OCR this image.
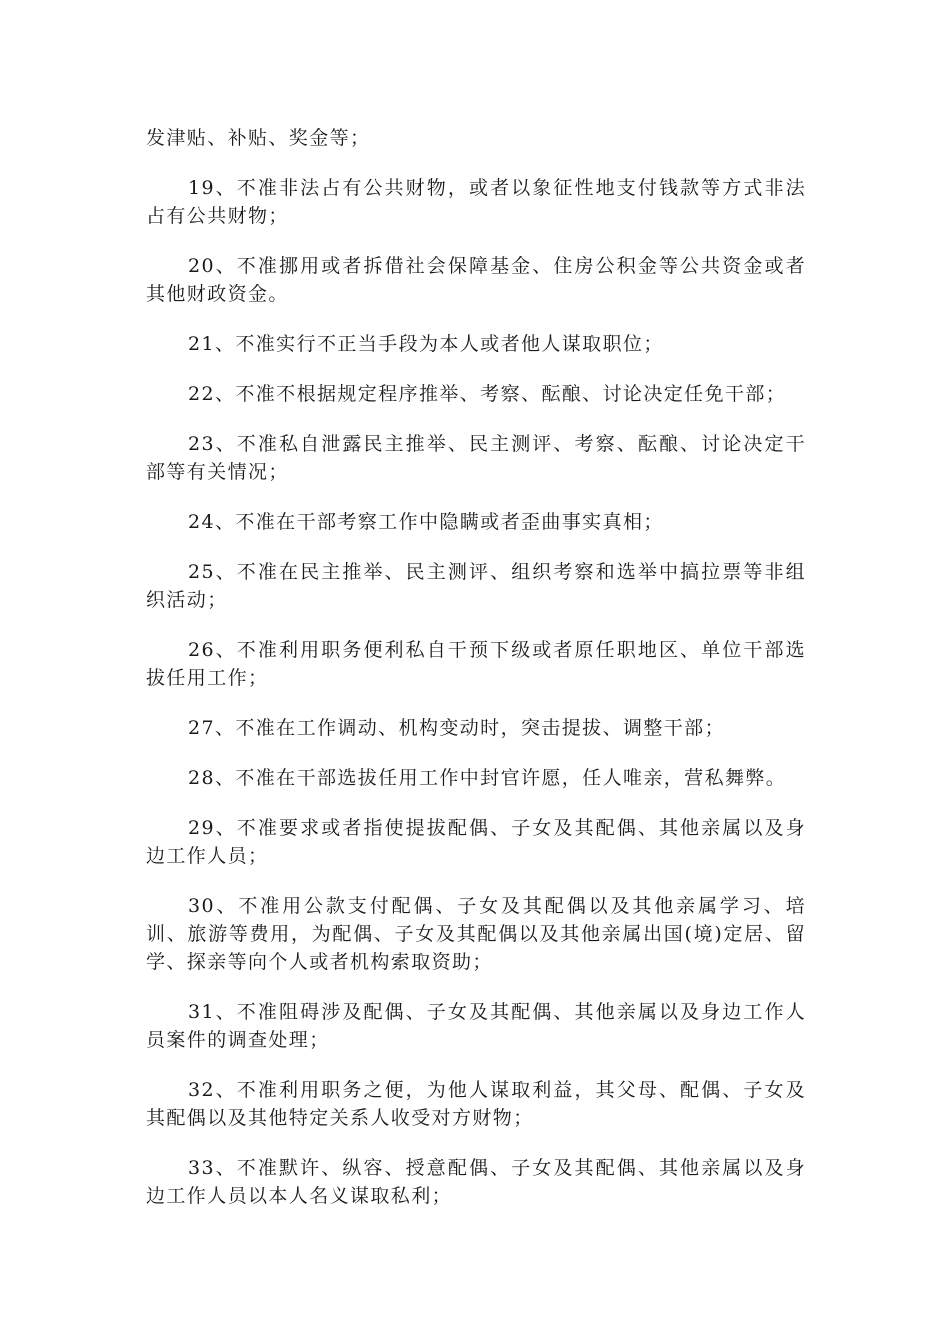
发津贴、补贴、奖金等；

19、不准非法占有公共财物，或者以象征性地支付钱款等方式非法占有公共财物；

20、不准挪用或者拆借社会保障基金、住房公积金等公共资金或者其他财政资金。

21、不准实行不正当手段为本人或者他人谋取职位；

22、不准不根据规定程序推举、考察、酝酿、讨论决定任免干部；

23、不准私自泄露民主推举、民主测评、考察、酝酿、讨论决定干部等有关情况；

24、不准在干部考察工作中隐瞒或者歪曲事实真相；

25、不准在民主推举、民主测评、组织考察和选举中搞拉票等非组织活动；

26、不准利用职务便利私自干预下级或者原任职地区、单位干部选拔任用工作；

27、不准在工作调动、机构变动时，突击提拔、调整干部；

28、不准在干部选拔任用工作中封官许愿，任人唯亲，营私舞弊。

29、不准要求或者指使提拔配偶、子女及其配偶、其他亲属以及身边工作人员；

30、不准用公款支付配偶、子女及其配偶以及其他亲属学习、培训、旅游等费用，为配偶、子女及其配偶以及其他亲属出国(境)定居、留学、探亲等向个人或者机构索取资助；

31、不准阻碍涉及配偶、子女及其配偶、其他亲属以及身边工作人员案件的调查处理；

32、不准利用职务之便，为他人谋取利益，其父母、配偶、子女及其配偶以及其他特定关系人收受对方财物；

33、不准默许、纵容、授意配偶、子女及其配偶、其他亲属以及身边工作人员以本人名义谋取私利；
